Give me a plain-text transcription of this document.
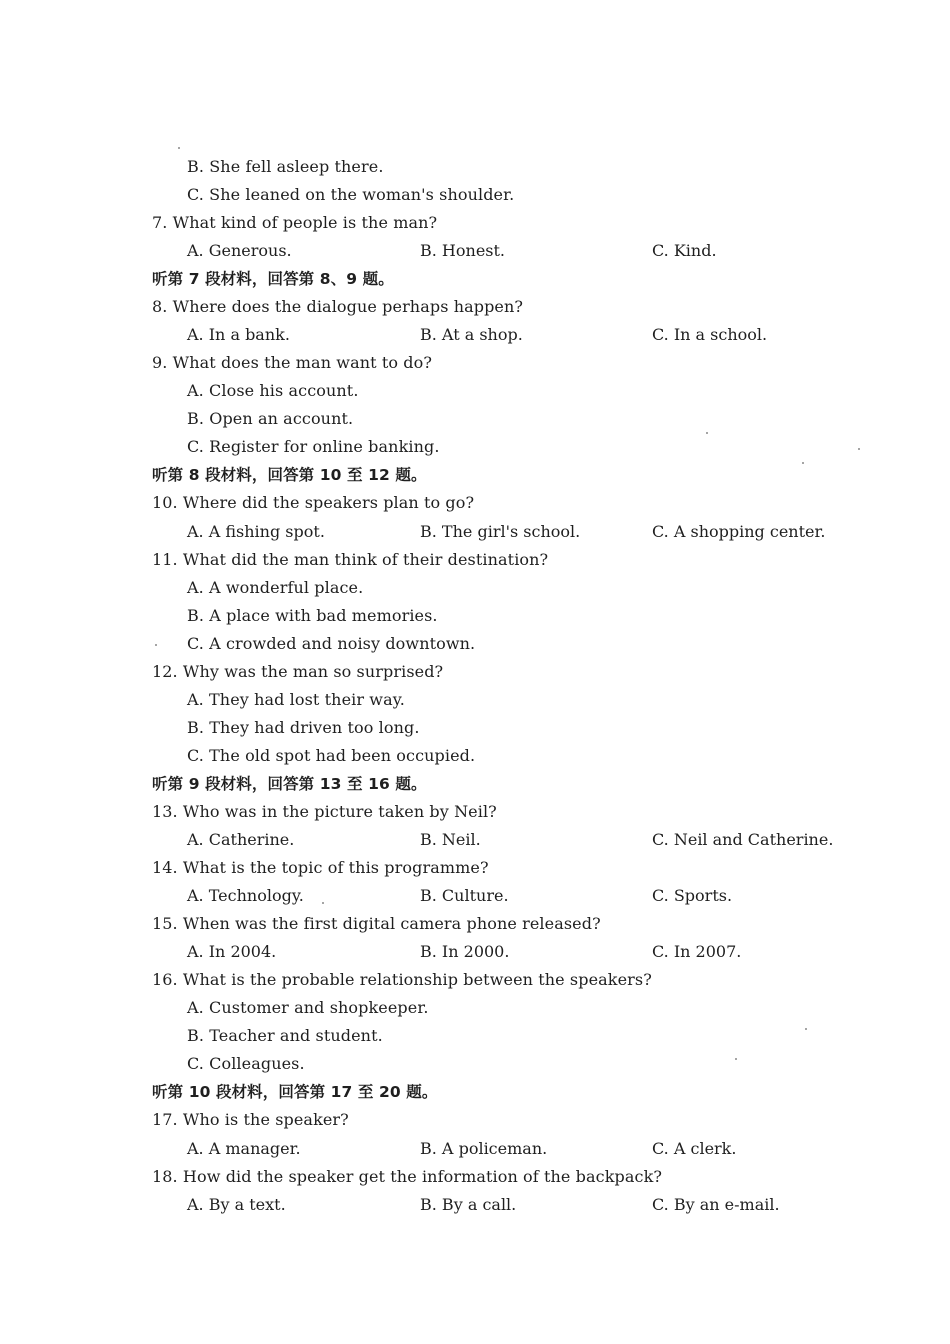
B. She fell asleep there.
C. She leaned on the woman's shoulder.
7. What kind of people is the man?
A. Generous.	B. Honest.	C. Kind.
听第 7 段材料，回答第 8、9 题。
8. Where does the dialogue perhaps happen?
A. In a bank.	B. At a shop.	C. In a school.
9. What does the man want to do?
A. Close his account.
B. Open an account.
C. Register for online banking.
听第 8 段材料，回答第 10 至 12 题。
10. Where did the speakers plan to go?
A. A fishing spot.	B. The girl's school.	C. A shopping center.
11. What did the man think of their destination?
A. A wonderful place.
B. A place with bad memories.
C. A crowded and noisy downtown.
12. Why was the man so surprised?
A. They had lost their way.
B. They had driven too long.
C. The old spot had been occupied.
听第 9 段材料，回答第 13 至 16 题。
13. Who was in the picture taken by Neil?
A. Catherine.	B. Neil.	C. Neil and Catherine.
14. What is the topic of this programme?
A. Technology.	B. Culture.	C. Sports.
15. When was the first digital camera phone released?
A. In 2004.	B. In 2000.	C. In 2007.
16. What is the probable relationship between the speakers?
A. Customer and shopkeeper.
B. Teacher and student.
C. Colleagues.
听第 10 段材料，回答第 17 至 20 题。
17. Who is the speaker?
A. A manager.	B. A policeman.	C. A clerk.
18. How did the speaker get the information of the backpack?
A. By a text.	B. By a call.	C. By an e-mail.
